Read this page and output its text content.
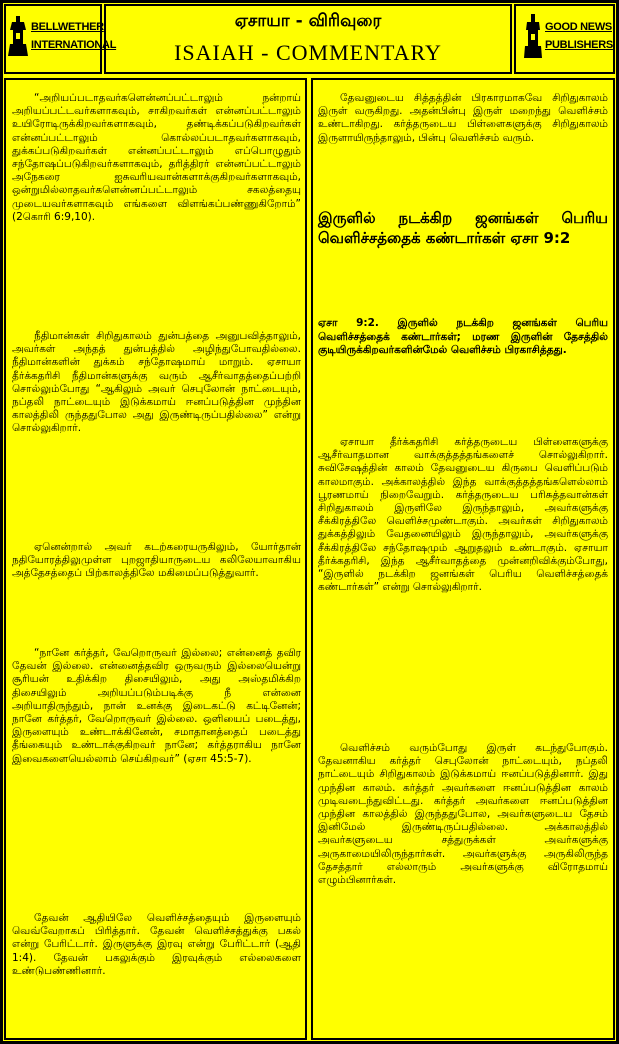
BELLWETHER
INTERNATIONAL
ஏசாயா - விரிவுரை
ISAIAH - COMMENTARY
GOOD NEWS
PUBLISHERS

“அறியப்படாதவர்களென்னப்பட்டாலும் நன்றாய் அறியப்பட்டவர்களாகவும், சாகிறவர்கள் என்னப்பட்டாலும் உயிரோடிருக்கிறவர்களாகவும், தண்டிக்கப்படுகிறவர்கள் என்னப்பட்டாலும் கொல்லப்படாதவர்களாகவும், துக்கப்படுகிறவர்கள் என்னப்பட்டாலும் எப்பொழுதும் சந்தோஷப்படுகிறவர்களாகவும், தரித்திரர் என்னப்பட்டாலும் அநேகரை ஐசுவரியவான்களாக்குகிறவர்களாகவும், ஒன்றுமில்லாதவர்களென்னப்பட்டாலும் சகலத்தையு முடையவர்களாகவும் எங்களை விளங்கப்பண்ணுகிறோம்” (2கொரி 6:9,10).

நீதிமான்கள் சிறிதுகாலம் துன்பத்தை அனுபவித்தாலும், அவர்கள் அந்தத் துன்பத்தில் அழிந்துபோவதில்லை. நீதிமான்களின் துக்கம் சந்தோஷமாய் மாறும். ஏசாயா தீர்க்கதரிசி நீதிமான்களுக்கு வரும் ஆசீர்வாதத்தைப்பற்றி சொல்லும்போது “ஆகிலும் அவர் செபுலோன் நாட்டையும், நப்தலி நாட்டையும் இடுக்கமாய் ஈனப்படுத்தின முந்தின காலத்திலி ருந்ததுபோல அது இருண்டிருப்பதில்லை” என்று சொல்லுகிறார்.

ஏனென்றால் அவர் கடற்கரையருகிலும், யோர்தான் நதியோரத்திலுமுள்ள புறஜாதியாருடைய கலிலேயாவாகிய அத்தேசத்தைப் பிற்காலத்திலே மகிமைப்படுத்துவார்.

“நானே கர்த்தர், வேறொருவர் இல்லை; என்னைத் தவிர தேவன் இல்லை. என்னைத்தவிர ஒருவரும் இல்லையென்று சூரியன் உதிக்கிற திசையிலும், அது அஸ்தமிக்கிற திசையிலும் அறியப்படும்படிக்கு நீ என்னை அறியாதிருந்தும், நான் உனக்கு இடைகட்டு கட்டினேன்; நானே கர்த்தர், வேறொருவர் இல்லை. ஒளியைப் படைத்து, இருளையும் உண்டாக்கினேன், சமாதானத்தைப் படைத்து தீங்கையும் உண்டாக்குகிறவர் நானே; கர்த்தராகிய நானே இவைகளையெல்லாம் செய்கிறவர்” (ஏசா 45:5-7).

தேவன் ஆதியிலே வெளிச்சத்தையும் இருளையும் வெவ்வேறாகப் பிரித்தார். தேவன் வெளிச்சத்துக்கு பகல் என்று பேரிட்டார். இருளுக்கு இரவு என்று பேரிட்டார் (ஆதி 1:4). தேவன் பகலுக்கும் இரவுக்கும் எல்லைகளை உண்டுபண்ணினார்.

தேவனுடைய சித்தத்தின் பிரகாரமாகவே சிறிதுகாலம் இருள் வருகிறது. அதன்பின்பு இருள் மறைந்து வெளிச்சம் உண்டாகிறது. கர்த்தருடைய பிள்ளைகளுக்கு சிறிதுகாலம் இருளாயிருந்தாலும், பின்பு வெளிச்சம் வரும்.

இருளில் நடக்கிற ஜனங்கள் பெரிய வெளிச்சத்தைக் கண்டார்கள் ஏசா 9:2
ஏசா 9:2. இருளில் நடக்கிற ஜனங்கள் பெரிய வெளிச்சத்தைக் கண்டார்கள்; மரண இருளின் தேசத்தில் குடியிருக்கிறவர்களின்மேல் வெளிச்சம் பிரகாசித்தது.

ஏசாயா தீர்க்கதரிசி கர்த்தருடைய பிள்ளைகளுக்கு ஆசீர்வாதமான வாக்குத்தத்தங்களைச் சொல்லுகிறார். சுவிசேஷத்தின் காலம் தேவனுடைய கிருபை வெளிப்படும் காலமாகும். அக்காலத்தில் இந்த வாக்குத்தத்தங்களெல்லாம் பூரணமாய் நிறைவேறும். கர்த்தருடைய பரிசுத்தவான்கள் சிறிதுகாலம் இருளிலே இருந்தாலும், அவர்களுக்கு சீக்கிரத்திலே வெளிச்சமுண்டாகும். அவர்கள் சிறிதுகாலம் துக்கத்திலும் வேதனையிலும் இருந்தாலும், அவர்களுக்கு சீக்கிரத்திலே சந்தோஷமும் ஆறுதலும் உண்டாகும். ஏசாயா தீர்க்கதரிசி, இந்த ஆசீர்வாதத்தை முன்னறிவிக்கும்போது, “இருளில் நடக்கிற ஜனங்கள் பெரிய வெளிச்சத்தைக் கண்டார்கள்” என்று சொல்லுகிறார்.

வெளிச்சம் வரும்போது இருள் கடந்துபோகும். தேவனாகிய கர்த்தர் செபுலோன் நாட்டையும், நப்தலி நாட்டையும் சிறிதுகாலம் இடுக்கமாய் ஈனப்படுத்தினார். இது முந்தின காலம். கர்த்தர் அவர்களை ஈனப்படுத்தின காலம் முடிவடைந்துவிட்டது. கர்த்தர் அவர்களை ஈனப்படுத்தின முந்தின காலத்தில் இருந்ததுபோல, அவர்களுடைய தேசம் இனிமேல் இருண்டிருப்பதில்லை. அக்காலத்தில் அவர்களுடைய சத்துருக்கள் அவர்களுக்கு அருகாமையிலிருந்தார்கள். அவர்களுக்கு அருகிலிருந்த தேசத்தார் எல்லாரும் அவர்களுக்கு விரோதமாய் எழும்பினார்கள்.
